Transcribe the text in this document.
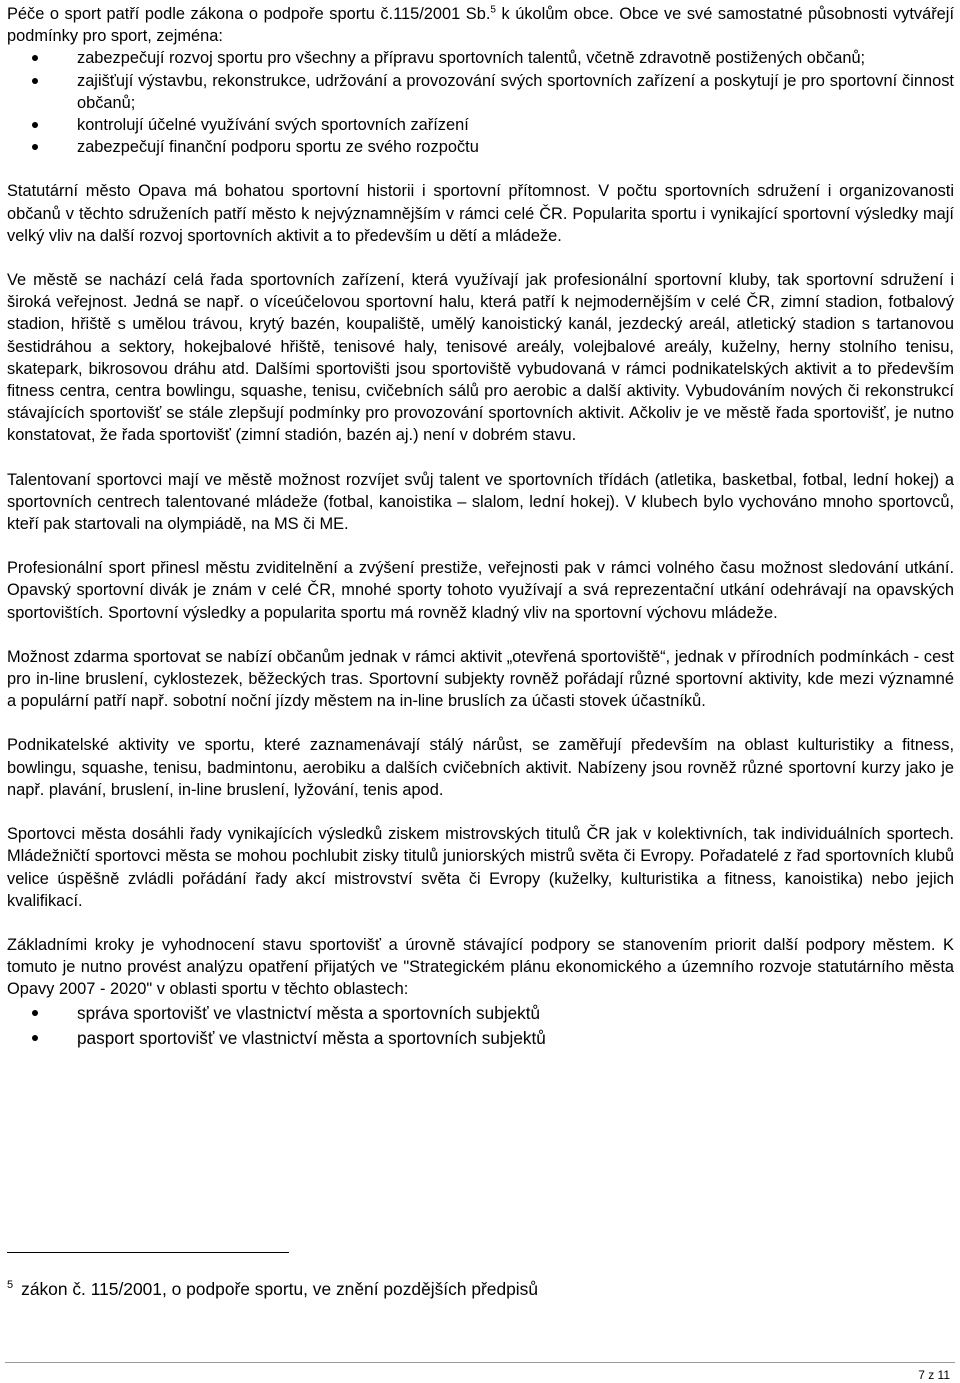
Péče o sport patří podle zákona o podpoře sportu č.115/2001 Sb.$^5$ k úkolům obce. Obce ve své samostatné působnosti vytvářejí podmínky pro sport, zejména:

zabezpečují rozvoj sportu pro všechny a přípravu sportovních talentů, včetně zdravotně postižených občanů;
zajišťují výstavbu, rekonstrukce, udržování a provozování svých sportovních zařízení a poskytují je pro sportovní činnost občanů;
kontrolují účelné využívání svých sportovních zařízení
zabezpečují finanční podporu sportu ze svého rozpočtu

Statutární město Opava má bohatou sportovní historii i sportovní přítomnost. V počtu sportovních sdružení i organizovanosti občanů v těchto sdruženích patří město k nejvýznamnějším v rámci celé ČR. Popularita sportu i vynikající sportovní výsledky mají velký vliv na další rozvoj sportovních aktivit a to především u dětí a mládeže.

Ve městě se nachází celá řada sportovních zařízení, která využívají jak profesionální sportovní kluby, tak sportovní sdružení i široká veřejnost. Jedná se např. o víceúčelovou sportovní halu, která patří k nejmodernějším v celé ČR, zimní stadion, fotbalový stadion, hřiště s umělou trávou, krytý bazén, koupaliště, umělý kanoistický kanál, jezdecký areál, atletický stadion s tartanovou šestidráhou a sektory, hokejbalové hřiště, tenisové haly, tenisové areály, volejbalové areály, kuželny, herny stolního tenisu, skatepark, bikrosovou dráhu atd. Dalšími sportovišti jsou sportoviště vybudovaná v rámci podnikatelských aktivit a to především fitness centra, centra bowlingu, squashe, tenisu, cvičebních sálů pro aerobic a další aktivity. Vybudováním nových či rekonstrukcí stávajících sportovišť se stále zlepšují podmínky pro provozování sportovních aktivit. Ačkoliv je ve městě řada sportovišť, je nutno konstatovat, že řada sportovišť (zimní stadión, bazén aj.) není v dobrém stavu.

Talentovaní sportovci mají ve městě možnost rozvíjet svůj talent ve sportovních třídách (atletika, basketbal, fotbal, lední hokej) a sportovních centrech talentované mládeže (fotbal, kanoistika – slalom, lední hokej). V klubech bylo vychováno mnoho sportovců, kteří pak startovali na olympiádě, na MS či ME.

Profesionální sport přinesl městu zviditelnění a zvýšení prestiže, veřejnosti pak v rámci volného času možnost sledování utkání. Opavský sportovní divák je znám v celé ČR, mnohé sporty tohoto využívají a svá reprezentační utkání odehrávají na opavských sportovištích. Sportovní výsledky a popularita sportu má rovněž kladný vliv na sportovní výchovu mládeže.

Možnost zdarma sportovat se nabízí občanům jednak v rámci aktivit „otevřená sportoviště“, jednak v přírodních podmínkách - cest pro in-line bruslení, cyklostezek, běžeckých tras. Sportovní subjekty rovněž pořádají různé sportovní aktivity, kde mezi významné a populární patří např. sobotní noční jízdy městem na in-line bruslích za účasti stovek účastníků.

Podnikatelské aktivity ve sportu, které zaznamenávají stálý nárůst, se zaměřují především na oblast kulturistiky a fitness, bowlingu, squashe, tenisu, badmintonu, aerobiku a dalších cvičebních aktivit. Nabízeny jsou rovněž různé sportovní kurzy jako je např. plavání, bruslení, in-line bruslení, lyžování, tenis apod.

Sportovci města dosáhli řady vynikajících výsledků ziskem mistrovských titulů ČR jak v kolektivních, tak individuálních sportech. Mládežničtí sportovci města se mohou pochlubit zisky titulů juniorských mistrů světa či Evropy. Pořadatelé z řad sportovních klubů velice úspěšně zvládli pořádání řady akcí mistrovství světa či Evropy (kuželky, kulturistika a fitness, kanoistika) nebo jejich kvalifikací.

Základními kroky je vyhodnocení stavu sportovišť a úrovně stávající podpory se stanovením priorit další podpory městem. K tomuto je nutno provést analýzu opatření přijatých ve "Strategickém plánu ekonomického a územního rozvoje statutárního města Opavy 2007 - 2020" v oblasti sportu v těchto oblastech:

správa sportovišť ve vlastnictví města a sportovních subjektů
pasport sportovišť ve vlastnictví města a sportovních subjektů
$^5$ zákon č. 115/2001, o podpoře sportu, ve znění pozdějších předpisů
7 z 11
